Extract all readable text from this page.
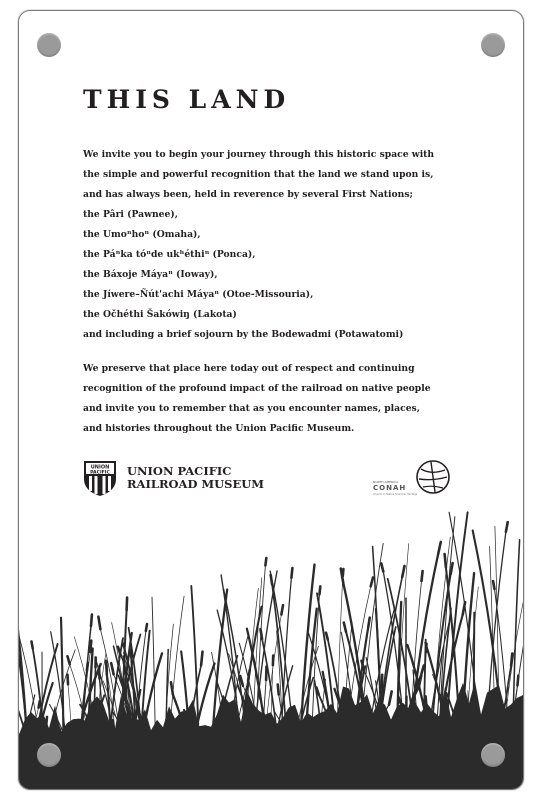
THIS LAND
We invite you to begin your journey through this historic space with
the simple and powerful recognition that the land we stand upon is,
and has always been, held in reverence by several First Nations;
the Pâri (Pawnee),
the Umoⁿhoⁿ (Omaha),
the Páⁿka tóⁿde ukʰéthiⁿ (Ponca),
the Báxoje Máyaⁿ (Ioway),
the Jíwere–Ñút'achi Máyaⁿ (Otoe-Missouria),
the Očhéthi Šakówiŋ (Lakota)
and including a brief sojourn by the Bodewadmi (Potawatomi)
We preserve that place here today out of respect and continuing
recognition of the profound impact of the railroad on native people
and invite you to remember that as you encounter names, places,
and histories throughout the Union Pacific Museum.
UNION
PACIFIC UNION PACIFIC
RAILROAD MUSEUM	NORTH AMERICA
CONAH
Council on Native American Heritage
